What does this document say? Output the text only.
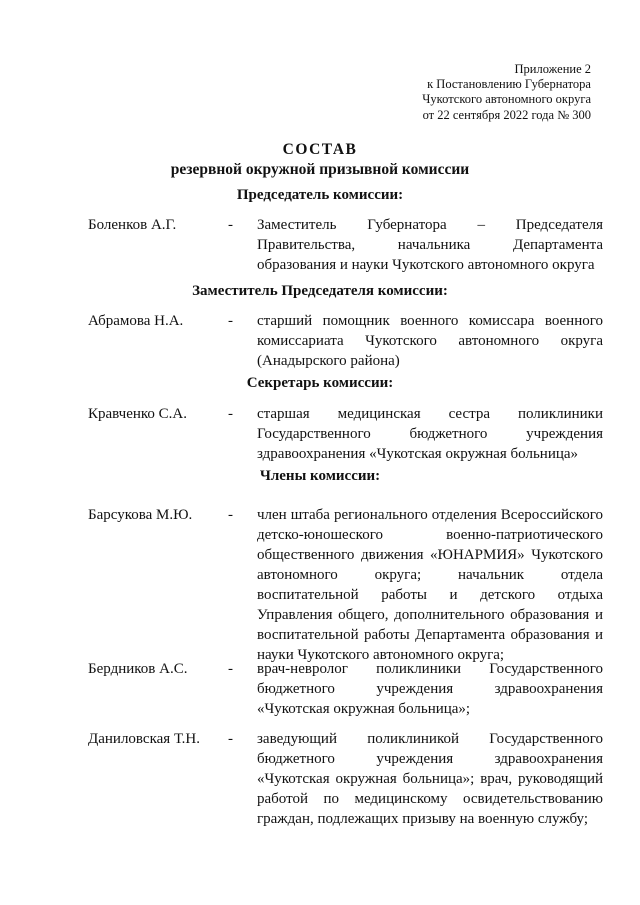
Приложение 2
к Постановлению Губернатора
Чукотского автономного округа
от 22 сентября 2022 года № 300
СОСТАВ
резервной окружной призывной комиссии
Председатель комиссии:
Боленков А.Г.	- Заместитель Губернатора – Председателя Правительства, начальника Департамента образования и науки Чукотского автономного округа
Заместитель Председателя комиссии:
Абрамова Н.А.	- старший помощник военного комиссара военного комиссариата Чукотского автономного округа (Анадырского района)
Секретарь комиссии:
Кравченко С.А.	- старшая медицинская сестра поликлиники Государственного бюджетного учреждения здравоохранения «Чукотская окружная больница»
Члены комиссии:
Барсукова М.Ю. - член штаба регионального отделения Всероссийского детско-юношеского военно-патриотического общественного движения «ЮНАРМИЯ» Чукотского автономного округа; начальник отдела воспитательной работы и детского отдыха Управления общего, дополнительного образования и воспитательной работы Департамента образования и науки Чукотского автономного округа;
Бердников А.С.	- врач-невролог поликлиники Государственного бюджетного учреждения здравоохранения «Чукотская окружная больница»;
Даниловская Т.Н. - заведующий поликлиникой Государственного бюджетного учреждения здравоохранения «Чукотская окружная больница»; врач, руководящий работой по медицинскому освидетельствованию граждан, подлежащих призыву на военную службу;
